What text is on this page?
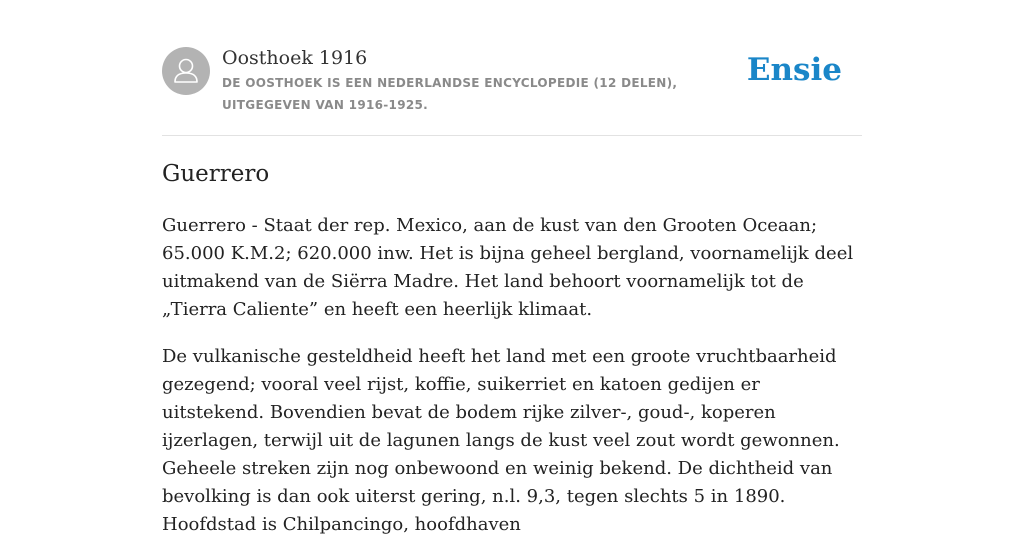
Oosthoek 1916
DE OOSTHOEK IS EEN NEDERLANDSE ENCYCLOPEDIE (12 DELEN), UITGEGEVEN VAN 1916-1925.
Ensie
Guerrero

Guerrero - Staat der rep. Mexico, aan de kust van den Grooten Oceaan; 65.000 K.M.2; 620.000 inw. Het is bijna geheel bergland, voornamelijk deel uitmakend van de Siërra Madre. Het land behoort voornamelijk tot de „Tierra Caliente” en heeft een heerlijk klimaat.

De vulkanische gesteldheid heeft het land met een groote vruchtbaarheid gezegend; vooral veel rijst, koffie, suikerriet en katoen gedijen er uitstekend. Bovendien bevat de bodem rijke zilver-, goud-, koperen ijzerlagen, terwijl uit de lagunen langs de kust veel zout wordt gewonnen. Geheele streken zijn nog onbewoond en weinig bekend. De dichtheid van bevolking is dan ook uiterst gering, n.l. 9,3, tegen slechts 5 in 1890. Hoofdstad is Chilpancingo, hoofdhaven
